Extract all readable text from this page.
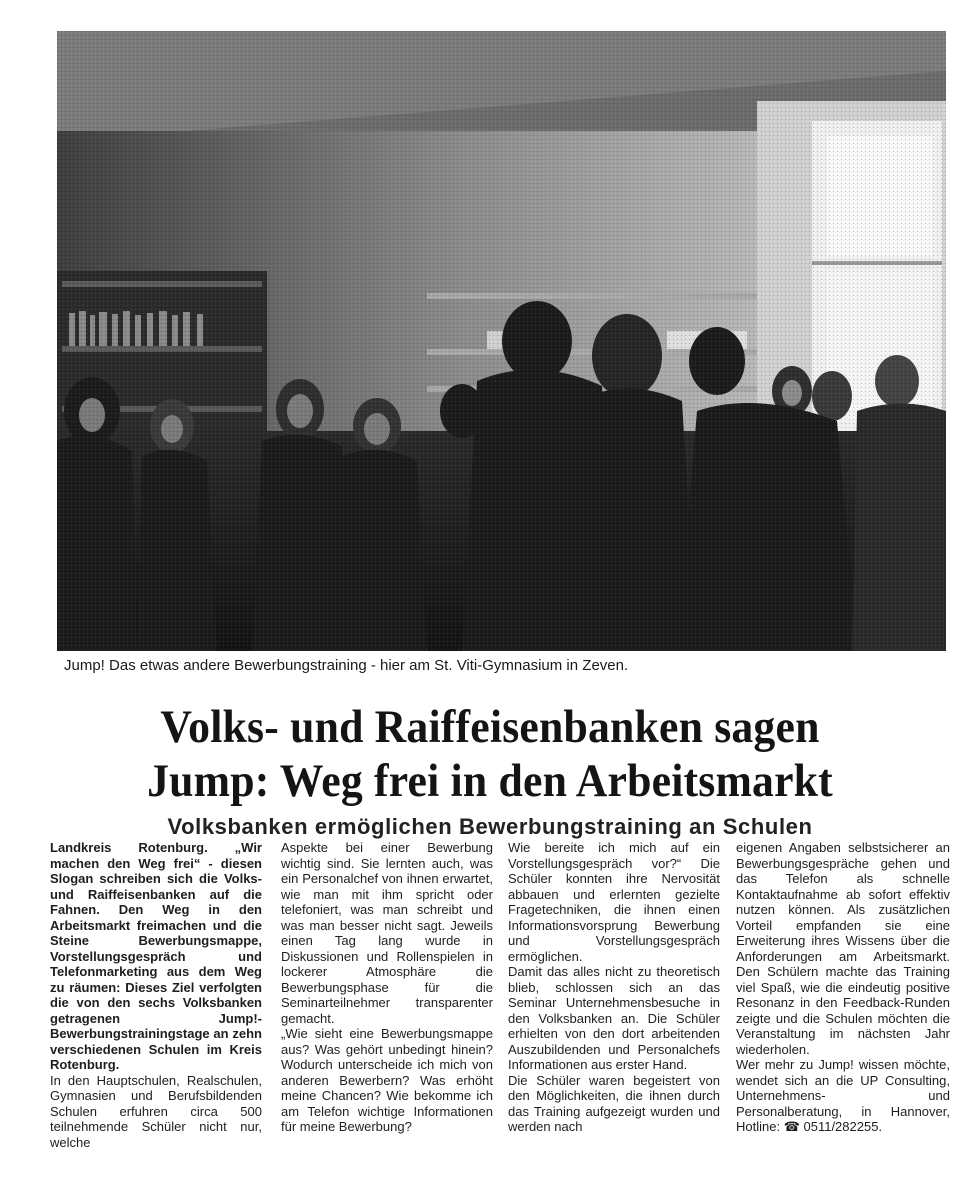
Jump! Das etwas andere Bewerbungstraining - hier am St. Viti-Gymnasium in Zeven.
Volks- und Raiffeisenbanken sagen
Jump: Weg frei in den Arbeitsmarkt
Volksbanken ermöglichen Bewerbungstraining an Schulen

Landkreis Rotenburg. „Wir machen den Weg frei“ - diesen Slogan schreiben sich die Volks- und Raiffeisenbanken auf die Fahnen. Den Weg in den Arbeitsmarkt freimachen und die Steine Bewerbungsmappe, Vorstellungsgespräch und Telefonmarketing aus dem Weg zu räumen: Dieses Ziel verfolgten die von den sechs Volksbanken getragenen Jump!-Bewerbungstrainingstage an zehn verschiedenen Schulen im Kreis Rotenburg.

In den Hauptschulen, Realschulen, Gymnasien und Berufsbildenden Schulen erfuhren circa 500 teilnehmende Schüler nicht nur, welche

Aspekte bei einer Bewerbung wichtig sind. Sie lernten auch, was ein Personalchef von ihnen erwartet, wie man mit ihm spricht oder telefoniert, was man schreibt und was man besser nicht sagt. Jeweils einen Tag lang wurde in Diskussionen und Rollenspielen in lockerer Atmosphäre die Bewerbungsphase für die Seminarteilnehmer transparenter gemacht.

„Wie sieht eine Bewerbungsmappe aus? Was gehört unbedingt hinein? Wodurch unterscheide ich mich von anderen Bewerbern? Was erhöht meine Chancen? Wie bekomme ich am Telefon wichtige Informationen für meine Bewerbung?

Wie bereite ich mich auf ein Vorstellungsgespräch vor?“ Die Schüler konnten ihre Nervosität abbauen und erlernten gezielte Fragetechniken, die ihnen einen Informationsvorsprung Bewerbung und Vorstellungsgespräch ermöglichen.

Damit das alles nicht zu theoretisch blieb, schlossen sich an das Seminar Unternehmensbesuche in den Volksbanken an. Die Schüler erhielten von den dort arbeitenden Auszubildenden und Personalchefs Informationen aus erster Hand.

Die Schüler waren begeistert von den Möglichkeiten, die ihnen durch das Training aufgezeigt wurden und werden nach

eigenen Angaben selbstsicherer an Bewerbungsgespräche gehen und das Telefon als schnelle Kontaktaufnahme ab sofort effektiv nutzen können. Als zusätzlichen Vorteil empfanden sie eine Erweiterung ihres Wissens über die Anforderungen am Arbeitsmarkt. Den Schülern machte das Training viel Spaß, wie die eindeutig positive Resonanz in den Feedback-Runden zeigte und die Schulen möchten die Veranstaltung im nächsten Jahr wiederholen.

Wer mehr zu Jump! wissen möchte, wendet sich an die UP Consulting, Unternehmens- und Personalberatung, in Hannover, Hotline: ☎ 0511/282255.
